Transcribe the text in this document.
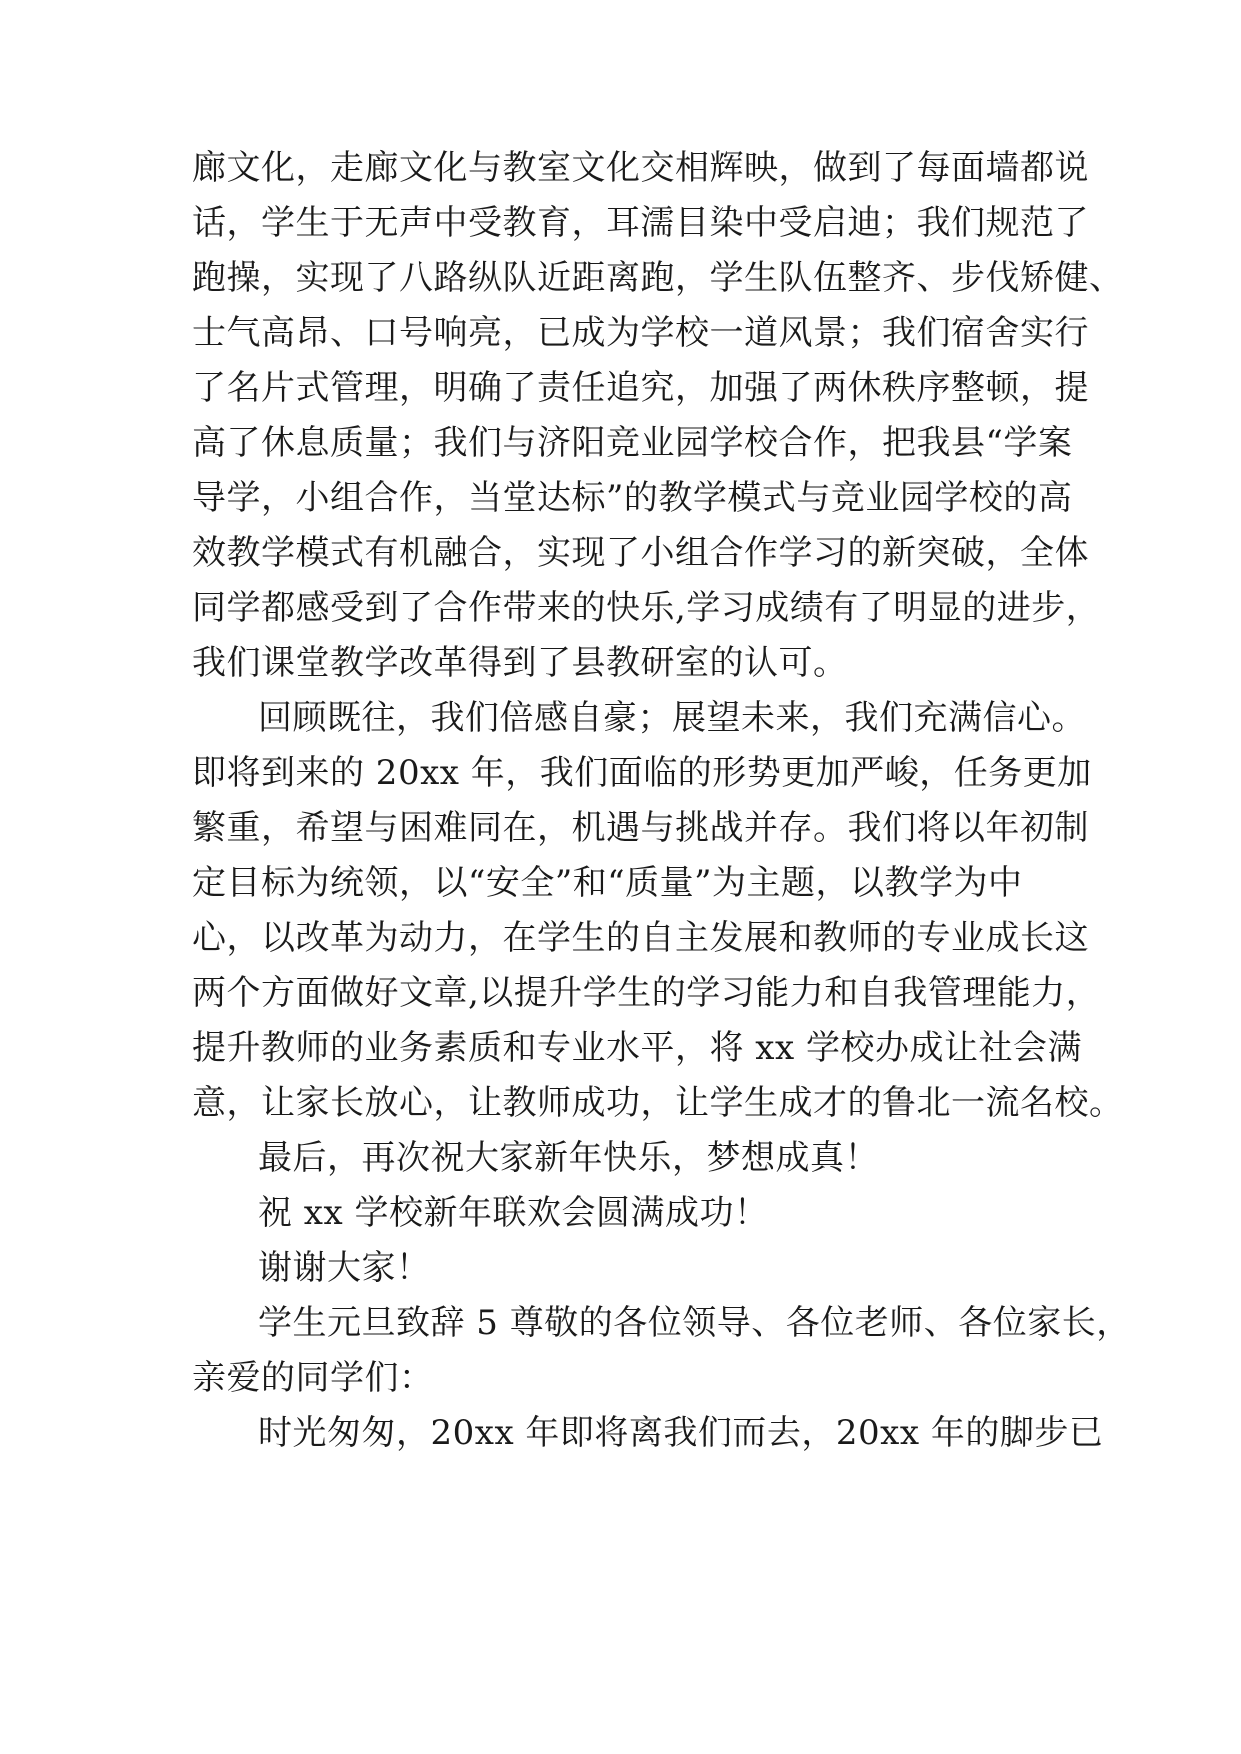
廊文化，走廊文化与教室文化交相辉映，做到了每面墙都说
话，学生于无声中受教育，耳濡目染中受启迪；我们规范了
跑操，实现了八路纵队近距离跑，学生队伍整齐、步伐矫健、
士气高昂、口号响亮，已成为学校一道风景；我们宿舍实行
了名片式管理，明确了责任追究，加强了两休秩序整顿，提
高了休息质量；我们与济阳竞业园学校合作，把我县“学案
导学，小组合作，当堂达标”的教学模式与竞业园学校的高
效教学模式有机融合，实现了小组合作学习的新突破，全体
同学都感受到了合作带来的快乐,学习成绩有了明显的进步，
我们课堂教学改革得到了县教研室的认可。
回顾既往，我们倍感自豪；展望未来，我们充满信心。
即将到来的 20xx 年，我们面临的形势更加严峻，任务更加
繁重，希望与困难同在，机遇与挑战并存。我们将以年初制
定目标为统领，以“安全”和“质量”为主题，以教学为中
心，以改革为动力，在学生的自主发展和教师的专业成长这
两个方面做好文章,以提升学生的学习能力和自我管理能力，
提升教师的业务素质和专业水平，将 xx 学校办成让社会满
意，让家长放心，让教师成功，让学生成才的鲁北一流名校。
最后，再次祝大家新年快乐，梦想成真！
祝 xx 学校新年联欢会圆满成功！
谢谢大家！
学生元旦致辞 5 尊敬的各位领导、各位老师、各位家长，
亲爱的同学们：
时光匆匆，20xx 年即将离我们而去，20xx 年的脚步已
